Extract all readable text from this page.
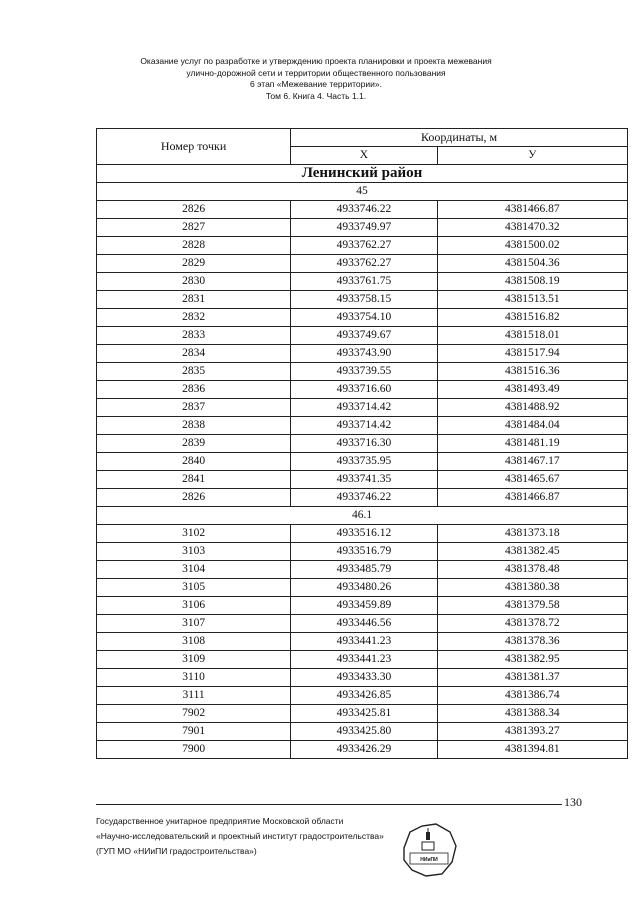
Оказание услуг по разработке и утверждению проекта планировки и проекта межевания
улично-дорожной сети и территории общественного пользования
6 этап «Межевание территории».
Том 6. Книга 4. Часть 1.1.
Номер точки	Координаты, м	
	X	У
Ленинский район		
45		
2826	4933746.22	4381466.87
2827	4933749.97	4381470.32
2828	4933762.27	4381500.02
2829	4933762.27	4381504.36
2830	4933761.75	4381508.19
2831	4933758.15	4381513.51
2832	4933754.10	4381516.82
2833	4933749.67	4381518.01
2834	4933743.90	4381517.94
2835	4933739.55	4381516.36
2836	4933716.60	4381493.49
2837	4933714.42	4381488.92
2838	4933714.42	4381484.04
2839	4933716.30	4381481.19
2840	4933735.95	4381467.17
2841	4933741.35	4381465.67
2826	4933746.22	4381466.87
46.1		
3102	4933516.12	4381373.18
3103	4933516.79	4381382.45
3104	4933485.79	4381378.48
3105	4933480.26	4381380.38
3106	4933459.89	4381379.58
3107	4933446.56	4381378.72
3108	4933441.23	4381378.36
3109	4933441.23	4381382.95
3110	4933433.30	4381381.37
3111	4933426.85	4381386.74
7902	4933425.81	4381388.34
7901	4933425.80	4381393.27
7900	4933426.29	4381394.81
130
Государственное унитарное предприятие Московской области
«Научно-исследовательский и проектный институт градостроительства»
(ГУП МО «НИиПИ градостроительства»)
НИиПИ
